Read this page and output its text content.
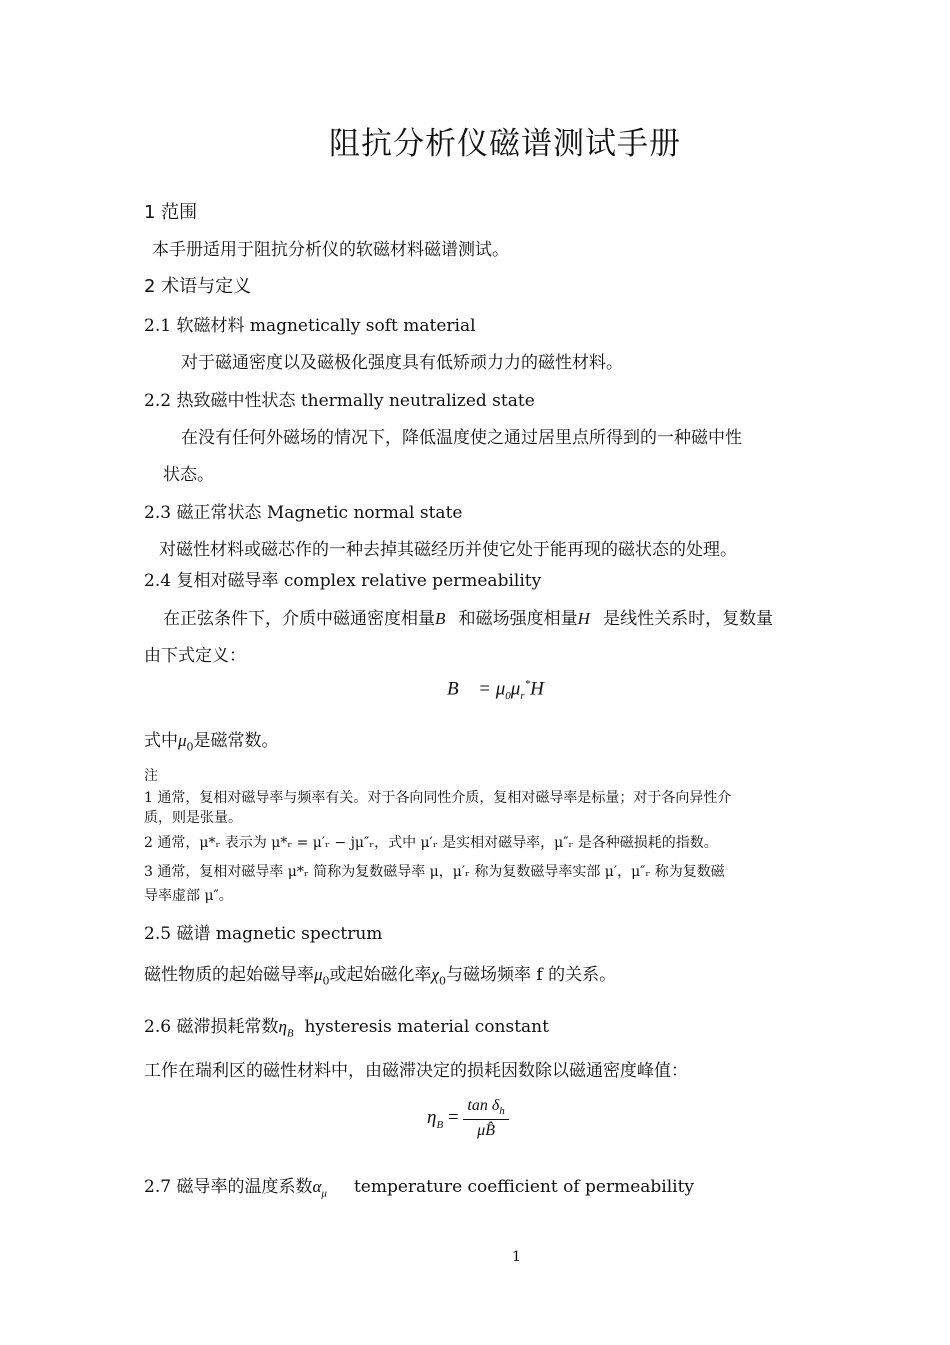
阻抗分析仪磁谱测试手册
1 范围
本手册适用于阻抗分析仪的软磁材料磁谱测试。
2 术语与定义
2.1 软磁材料 magnetically soft material
对于磁通密度以及磁极化强度具有低矫顽力力的磁性材料。
2.2 热致磁中性状态 thermally neutralized state
在没有任何外磁场的情况下，降低温度使之通过居里点所得到的一种磁中性
状态。
2.3 磁正常状态 Magnetic normal state
对磁性材料或磁芯作的一种去掉其磁经历并使它处于能再现的磁状态的处理。
2.4 复相对磁导率 complex relative permeability
在正弦条件下，介质中磁通密度相量B⃗和磁场强度相量H⃗是线性关系时，复数量
由下式定义：
B⃗ = $\mu_0\mu_r^*H⃗$
式中$\mu_0$是磁常数。
注
1 通常，复相对磁导率与频率有关。对于各向同性介质，复相对磁导率是标量；对于各向异性介
质，则是张量。
2 通常，μ*ᵣ 表示为 μ*ᵣ = μ′ᵣ − jμ″ᵣ，式中 μ′ᵣ 是实相对磁导率，μ″ᵣ 是各种磁损耗的指数。
3 通常，复相对磁导率 μ*ᵣ 简称为复数磁导率 μ，μ′ᵣ 称为复数磁导率实部 μ′，μ″ᵣ 称为复数磁
导率虚部 μ″。
2.5 磁谱 magnetic spectrum
磁性物质的起始磁导率$\mu_0$或起始磁化率$\chi_0$与磁场频率 f 的关系。
2.6 磁滞损耗常数$\eta_B$ hysteresis material constant
工作在瑞利区的磁性材料中，由磁滞决定的损耗因数除以磁通密度峰值：
$\eta_B = \frac{\tan \delta_h}{\mu B̂}$
2.7 磁导率的温度系数$\alpha_\mu$ temperature coefficient of permeability
1
